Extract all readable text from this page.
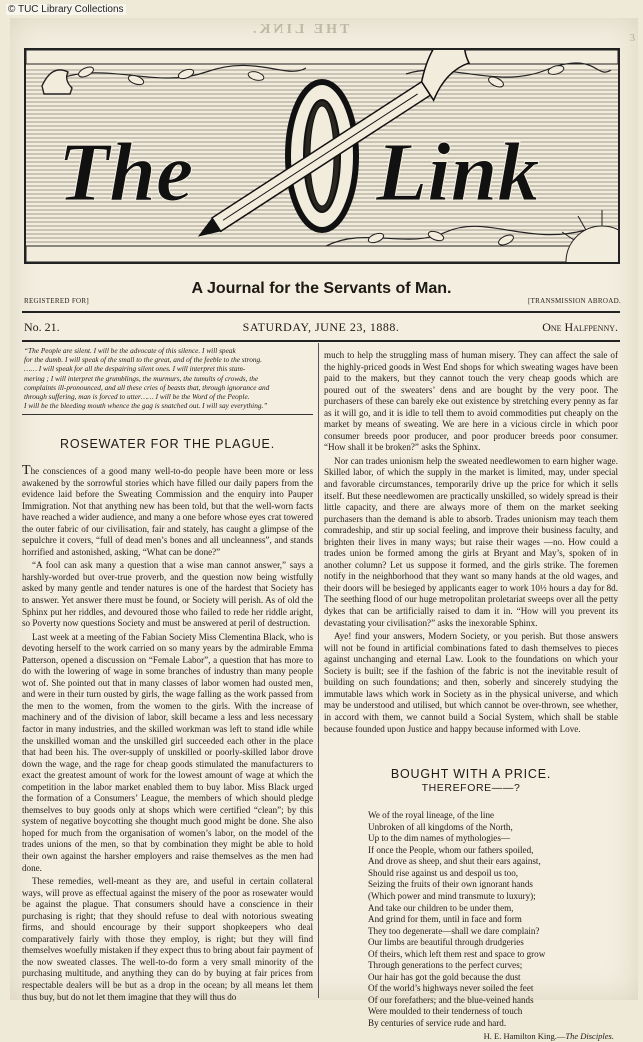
© TUC Library Collections
THE LINK.
3
The Link
A Journal for the Servants of Man.
REGISTERED FOR]	[TRANSMISSION ABROAD.
No. 21.	SATURDAY, JUNE 23, 1888.	One Halfpenny.
“The People are silent. I will be the advocate of this silence. I will speak
for the dumb. I will speak of the small to the great, and of the feeble to the strong.
…… I will speak for all the despairing silent ones. I will interpret this stam-
mering ; I will interpret the grumblings, the murmurs, the tumults of crowds, the
complaints ill-pronounced, and all these cries of beasts that, through ignorance and
through suffering, man is forced to utter…… I will be the Word of the People.
I will be the bleeding mouth whence the gag is snatched out. I will say everything.”
ROSEWATER FOR THE PLAGUE.

The consciences of a good many well-to-do people have been more or less awakened by the sorrowful stories which have filled our daily papers from the evidence laid before the Sweating Commission and the enquiry into Pauper Immigration. Not that anything new has been told, but that the well-worn facts have reached a wider audience, and many a one before whose eyes crat towered the outer fabric of our civilisation, fair and stately, has caught a glimpse of the sepulchre it covers, “full of dead men’s bones and all uncleanness”, and stands horrified and astonished, asking, “What can be done?”

“A fool can ask many a question that a wise man cannot answer,” says a harshly-worded but over-true proverb, and the question now being wistfully asked by many gentle and tender natures is one of the hardest that Society has to answer. Yet answer there must be found, or Society will perish. As of old the Sphinx put her riddles, and devoured those who failed to rede her riddle aright, so Poverty now questions Society and must be answered at peril of destruction.

Last week at a meeting of the Fabian Society Miss Clementina Black, who is devoting herself to the work carried on so many years by the admirable Emma Patterson, opened a discussion on “Female Labor”, a question that has more to do with the lowering of wage in some branches of industry than many people wot of. She pointed out that in many classes of labor women had ousted men, and were in their turn ousted by girls, the wage falling as the work passed from the men to the women, from the women to the girls. With the increase of machinery and of the division of labor, skill became a less and less necessary factor in many industries, and the skilled workman was left to stand idle while the unskilled woman and the unskilled girl succeeded each other in the place that had been his. The over-supply of unskilled or poorly-skilled labor drove down the wage, and the rage for cheap goods stimulated the manufacturers to exact the greatest amount of work for the lowest amount of wage at which the competition in the labor market enabled them to buy labor. Miss Black urged the formation of a Consumers’ League, the members of which should pledge themselves to buy goods only at shops which were certified “clean”; by this system of negative boycotting she thought much good might be done. She also hoped for much from the organisation of women’s labor, on the model of the trades unions of the men, so that by combination they might be able to hold their own against the harsher employers and raise themselves as the men had done.

These remedies, well-meant as they are, and useful in certain collateral ways, will prove as effectual against the misery of the poor as rosewater would be against the plague. That consumers should have a conscience in their purchasing is right; that they should refuse to deal with notorious sweating firms, and should encourage by their support shopkeepers who deal comparatively fairly with those they employ, is right; but they will find themselves woefully mistaken if they expect thus to bring about fair payment of the now sweated classes. The well-to-do form a very small minority of the purchasing multitude, and anything they can do by buying at fair prices from respectable dealers will be but as a drop in the ocean; by all means let them thus buy, but do not let them imagine that they will thus do

much to help the struggling mass of human misery. They can affect the sale of the highly-priced goods in West End shops for which sweating wages have been paid to the makers, but they cannot touch the very cheap goods which are poured out of the sweaters’ dens and are bought by the very poor. The purchasers of these can barely eke out existence by stretching every penny as far as it will go, and it is idle to tell them to avoid commodities put cheaply on the market by means of sweating. We are here in a vicious circle in which poor consumer breeds poor producer, and poor producer breeds poor consumer. “How shall it be broken?” asks the Sphinx.

Nor can trades unionism help the sweated needlewomen to earn higher wage. Skilled labor, of which the supply in the market is limited, may, under special and favorable circumstances, temporarily drive up the price for which it sells itself. But these needlewomen are practically unskilled, so widely spread is their little capacity, and there are always more of them on the market seeking purchasers than the demand is able to absorb. Trades unionism may teach them comradeship, and stir up social feeling, and improve their business faculty, and brighten their lives in many ways; but raise their wages —no. How could a trades union be formed among the girls at Bryant and May’s, spoken of in another column? Let us suppose it formed, and the girls strike. The foremen notify in the neighborhood that they want so many hands at the old wages, and their doors will be besieged by applicants eager to work 10½ hours a day for 8d. The seething flood of our huge metropolitan proletariat sweeps over all the petty dykes that can be artificially raised to dam it in. “How will you prevent its devastating your civilisation?” asks the inexorable Sphinx.

Aye! find your answers, Modern Society, or you perish. But those answers will not be found in artificial combinations fated to dash themselves to pieces against unchanging and eternal Law. Look to the foundations on which your Society is built; see if the fashion of the fabric is not the inevitable result of building on such foundations; and then, soberly and sincerely studying the immutable laws which work in Society as in the physical universe, and which may be understood and utilised, but which cannot be over-thrown, see whether, in accord with them, we cannot build a Social System, which shall be stable because founded upon Justice and happy because informed with Love.

BOUGHT WITH A PRICE.
THEREFORE——?
We of the royal lineage, of the line
Unbroken of all kingdoms of the North,
Up to the dim names of mythologies—
If once the People, whom our fathers spoiled,
And drove as sheep, and shut their ears against,
Should rise against us and despoil us too,
Seizing the fruits of their own ignorant hands
(Which power and mind transmute to luxury);
And take our children to be under them,
And grind for them, until in face and form
They too degenerate—shall we dare complain?
Our limbs are beautiful through drudgeries
Of theirs, which left them rest and space to grow
Through generations to the perfect curves;
Our hair has got the gold because the dust
Of the world’s highways never soiled the feet
Of our forefathers; and the blue-veined hands
Were moulded to their tenderness of touch
By centuries of service rude and hard.
H. E. Hamilton King.—The Disciples.
